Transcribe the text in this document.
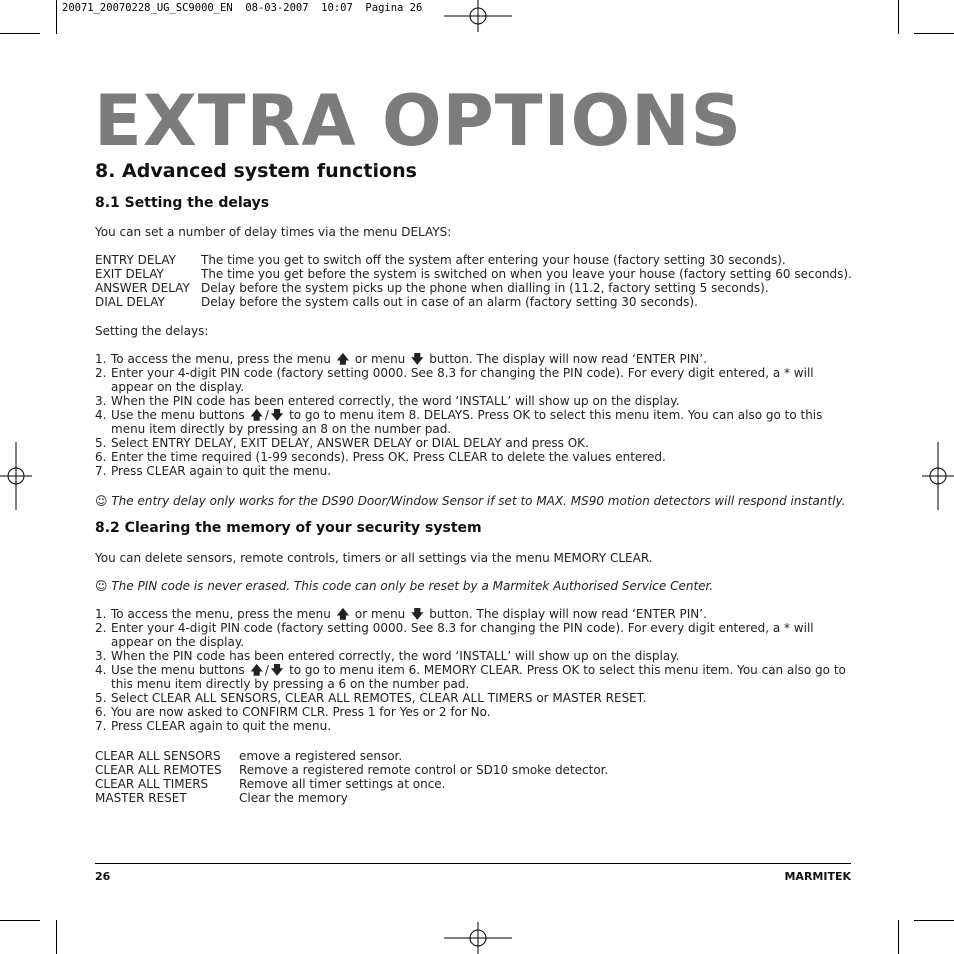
20071_20070228_UG_SC9000_EN  08-03-2007  10:07  Pagina 26
EXTRA OPTIONS
8. Advanced system functions
8.1 Setting the delays
You can set a number of delay times via the menu DELAYS:
ENTRY DELAY	The time you get to switch off the system after entering your house (factory setting 30 seconds).
EXIT DELAY	The time you get before the system is switched on when you leave your house (factory setting 60 seconds).
ANSWER DELAY Delay before the system picks up the phone when dialling in (11.2, factory setting 5 seconds).
DIAL DELAY	Delay before the system calls out in case of an alarm (factory setting 30 seconds).
Setting the delays:
1. To access the menu, press the menu 🡅 or menu 🡇 button. The display will now read ‘ENTER PIN’.
2. Enter your 4-digit PIN code (factory setting 0000. See 8.3 for changing the PIN code). For every digit entered, a * will appear on the display.
3. When the PIN code has been entered correctly, the word ‘INSTALL’ will show up on the display.
4. Use the menu buttons 🡅 / 🡇 to go to menu item 8. DELAYS. Press OK to select this menu item. You can also go to this menu item directly by pressing an 8 on the number pad.
5. Select ENTRY DELAY, EXIT DELAY, ANSWER DELAY or DIAL DELAY and press OK.
6. Enter the time required (1-99 seconds). Press OK. Press CLEAR to delete the values entered.
7. Press CLEAR again to quit the menu.
☺ The entry delay only works for the DS90 Door/Window Sensor if set to MAX. MS90 motion detectors will respond instantly.
8.2 Clearing the memory of your security system
You can delete sensors, remote controls, timers or all settings via the menu MEMORY CLEAR.
☺ The PIN code is never erased. This code can only be reset by a Marmitek Authorised Service Center.
1. To access the menu, press the menu 🡅 or menu 🡇 button. The display will now read ‘ENTER PIN’.
2. Enter your 4-digit PIN code (factory setting 0000. See 8.3 for changing the PIN code). For every digit entered, a * will appear on the display.
3. When the PIN code has been entered correctly, the word ‘INSTALL’ will show up on the display.
4. Use the menu buttons 🡅 / 🡇 to go to menu item 6. MEMORY CLEAR. Press OK to select this menu item. You can also go to this menu item directly by pressing a 6 on the number pad.
5. Select CLEAR ALL SENSORS, CLEAR ALL REMOTES, CLEAR ALL TIMERS or MASTER RESET.
6. You are now asked to CONFIRM CLR. Press 1 for Yes or 2 for No.
7. Press CLEAR again to quit the menu.
CLEAR ALL SENSORS	emove a registered sensor.
CLEAR ALL REMOTES	Remove a registered remote control or SD10 smoke detector.
CLEAR ALL TIMERS	Remove all timer settings at once.
MASTER RESET	Clear the memory
26	MARMITEK
